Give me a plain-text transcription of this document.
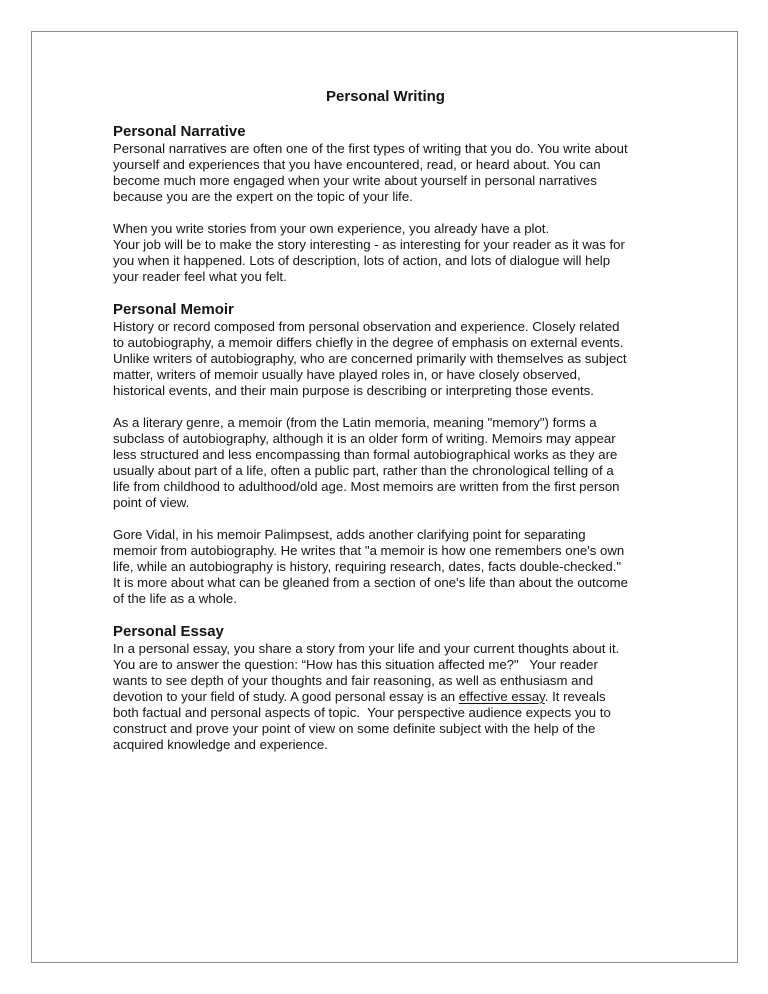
Personal Writing
Personal Narrative

Personal narratives are often one of the first types of writing that you do. You write about
yourself and experiences that you have encountered, read, or heard about. You can
become much more engaged when your write about yourself in personal narratives
because you are the expert on the topic of your life.

When you write stories from your own experience, you already have a plot.
Your job will be to make the story interesting - as interesting for your reader as it was for
you when it happened. Lots of description, lots of action, and lots of dialogue will help
your reader feel what you felt.

Personal Memoir

History or record composed from personal observation and experience. Closely related
to autobiography, a memoir differs chiefly in the degree of emphasis on external events.
Unlike writers of autobiography, who are concerned primarily with themselves as subject
matter, writers of memoir usually have played roles in, or have closely observed,
historical events, and their main purpose is describing or interpreting those events.

As a literary genre, a memoir (from the Latin memoria, meaning "memory") forms a
subclass of autobiography, although it is an older form of writing. Memoirs may appear
less structured and less encompassing than formal autobiographical works as they are
usually about part of a life, often a public part, rather than the chronological telling of a
life from childhood to adulthood/old age. Most memoirs are written from the first person
point of view.

Gore Vidal, in his memoir Palimpsest, adds another clarifying point for separating
memoir from autobiography. He writes that "a memoir is how one remembers one's own
life, while an autobiography is history, requiring research, dates, facts double-checked."
It is more about what can be gleaned from a section of one's life than about the outcome
of the life as a whole.

Personal Essay

In a personal essay, you share a story from your life and your current thoughts about it.
You are to answer the question: “How has this situation affected me?"   Your reader
wants to see depth of your thoughts and fair reasoning, as well as enthusiasm and
devotion to your field of study. A good personal essay is an effective essay. It reveals
both factual and personal aspects of topic.  Your perspective audience expects you to
construct and prove your point of view on some definite subject with the help of the
acquired knowledge and experience.
